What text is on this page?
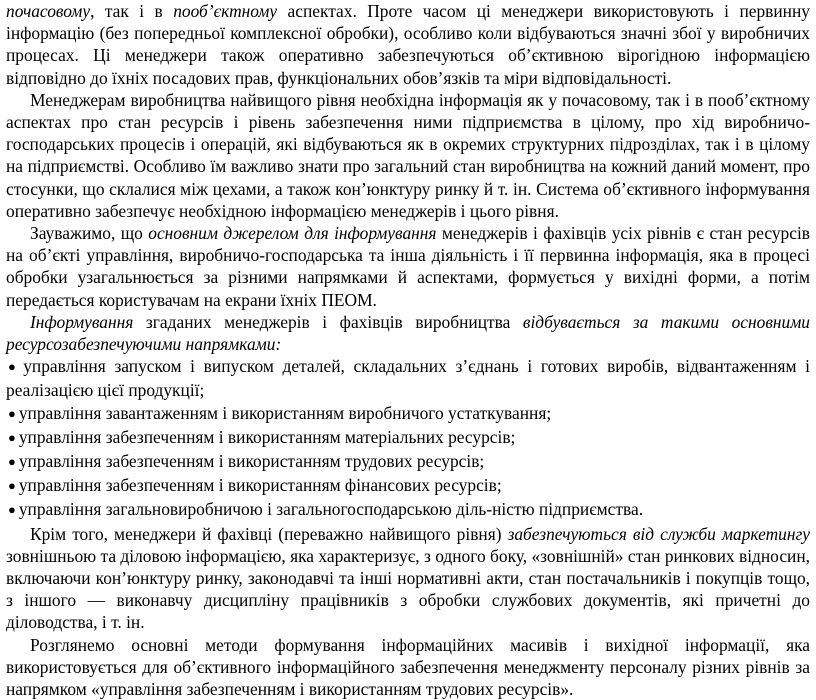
почасовому, так і в пооб’єктному аспектах. Проте часом ці менеджери використовують і первинну інформацію (без попередньої комплексної обробки), особливо коли відбуваються значні збої у виробничих процесах. Ці менеджери також оперативно забезпечуються об’єктивною вірогідною інформацією відповідно до їхніх посадових прав, функціональних обов’язків та міри відповідальності.

Менеджерам виробництва найвищого рівня необхідна інформація як у почасовому, так і в пооб’єктному аспектах про стан ресурсів і рівень забезпечення ними підприємства в цілому, про хід виробничо-господарських процесів і операцій, які відбуваються як в окремих структурних підрозділах, так і в цілому на підприємстві. Особливо їм важливо знати про загальний стан виробництва на кожний даний момент, про стосунки, що склалися між цехами, а також кон’юнктуру ринку й т. ін. Система об’єктивного інформування оперативно забезпечує необхідною інформацією менеджерів і цього рівня.

Зауважимо, що основним джерелом для інформування менеджерів і фахівців усіх рівнів є стан ресурсів на об’єкті управління, виробничо-господарська та інша діяльність і її первинна інформація, яка в процесі обробки узагальнюється за різними напрямками й аспектами, формується у вихідні форми, а потім передається користувачам на екрани їхніх ПЕОМ.

Інформування згаданих менеджерів і фахівців виробництва відбувається за такими основними ресурсозабезпечуючими напрямками:

● управління запуском і випуском деталей, складальних з’єднань і готових виробів, відвантаженням і реалізацією цієї продукції;

● управління завантаженням і використанням виробничого устаткування;

● управління забезпеченням і використанням матеріальних ресурсів;

● управління забезпеченням і використанням трудових ресурсів;

● управління забезпеченням і використанням фінансових ресурсів;

● управління загальновиробничою і загальногосподарською діль-ністю підприємства.

Крім того, менеджери й фахівці (переважно найвищого рівня) забезпечуються від служби маркетингу зовнішньою та діловою інформацією, яка характеризує, з одного боку, «зовнішній» стан ринкових відносин, включаючи кон’юнктуру ринку, законодавчі та інші нормативні акти, стан постачальників і покупців тощо, з іншого — виконавчу дисципліну працівників з обробки службових документів, які причетні до діловодства, і т. ін.

Розглянемо основні методи формування інформаційних масивів і вихідної інформації, яка використовується для об’єктивного інформаційного забезпечення менеджменту персоналу різних рівнів за напрямком «управління забезпеченням і використанням трудових ресурсів».
